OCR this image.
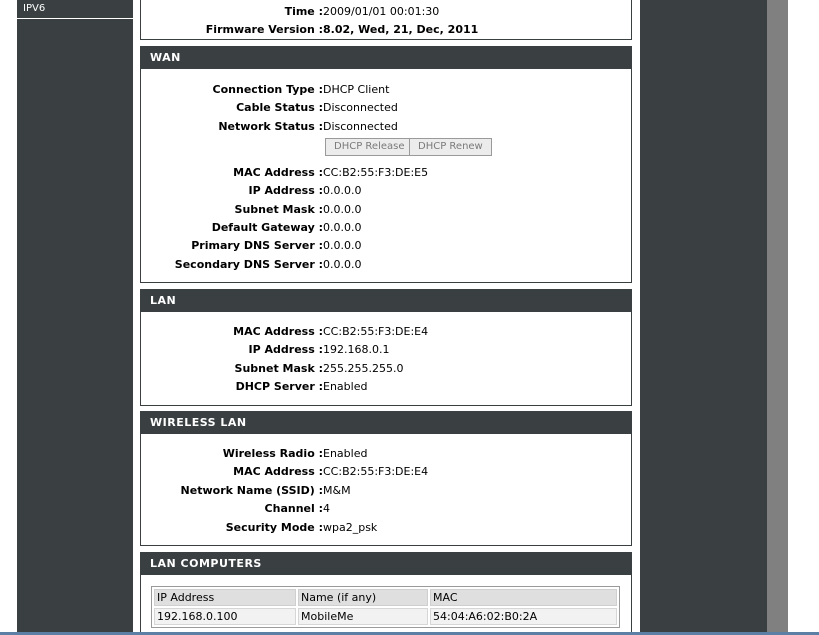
IPV6	Time : 2009/01/01 00:01:30
Firmware Version : 8.02, Wed, 21, Dec, 2011
WAN
Connection Type : DHCP Client
Cable Status : Disconnected
Network Status : Disconnected
DHCP Release	DHCP Renew
MAC Address : CC:B2:55:F3:DE:E5
IP Address : 0.0.0.0
Subnet Mask : 0.0.0.0
Default Gateway : 0.0.0.0
Primary DNS Server : 0.0.0.0
Secondary DNS Server : 0.0.0.0
LAN
MAC Address : CC:B2:55:F3:DE:E4
IP Address : 192.168.0.1
Subnet Mask : 255.255.255.0
DHCP Server : Enabled
WIRELESS LAN
Wireless Radio : Enabled
MAC Address : CC:B2:55:F3:DE:E4
Network Name (SSID) : M&M
Channel : 4
Security Mode : wpa2_psk
LAN COMPUTERS
IP Address	Name (if any)	MAC
192.168.0.100	MobileMe	54:04:A6:02:B0:2A
